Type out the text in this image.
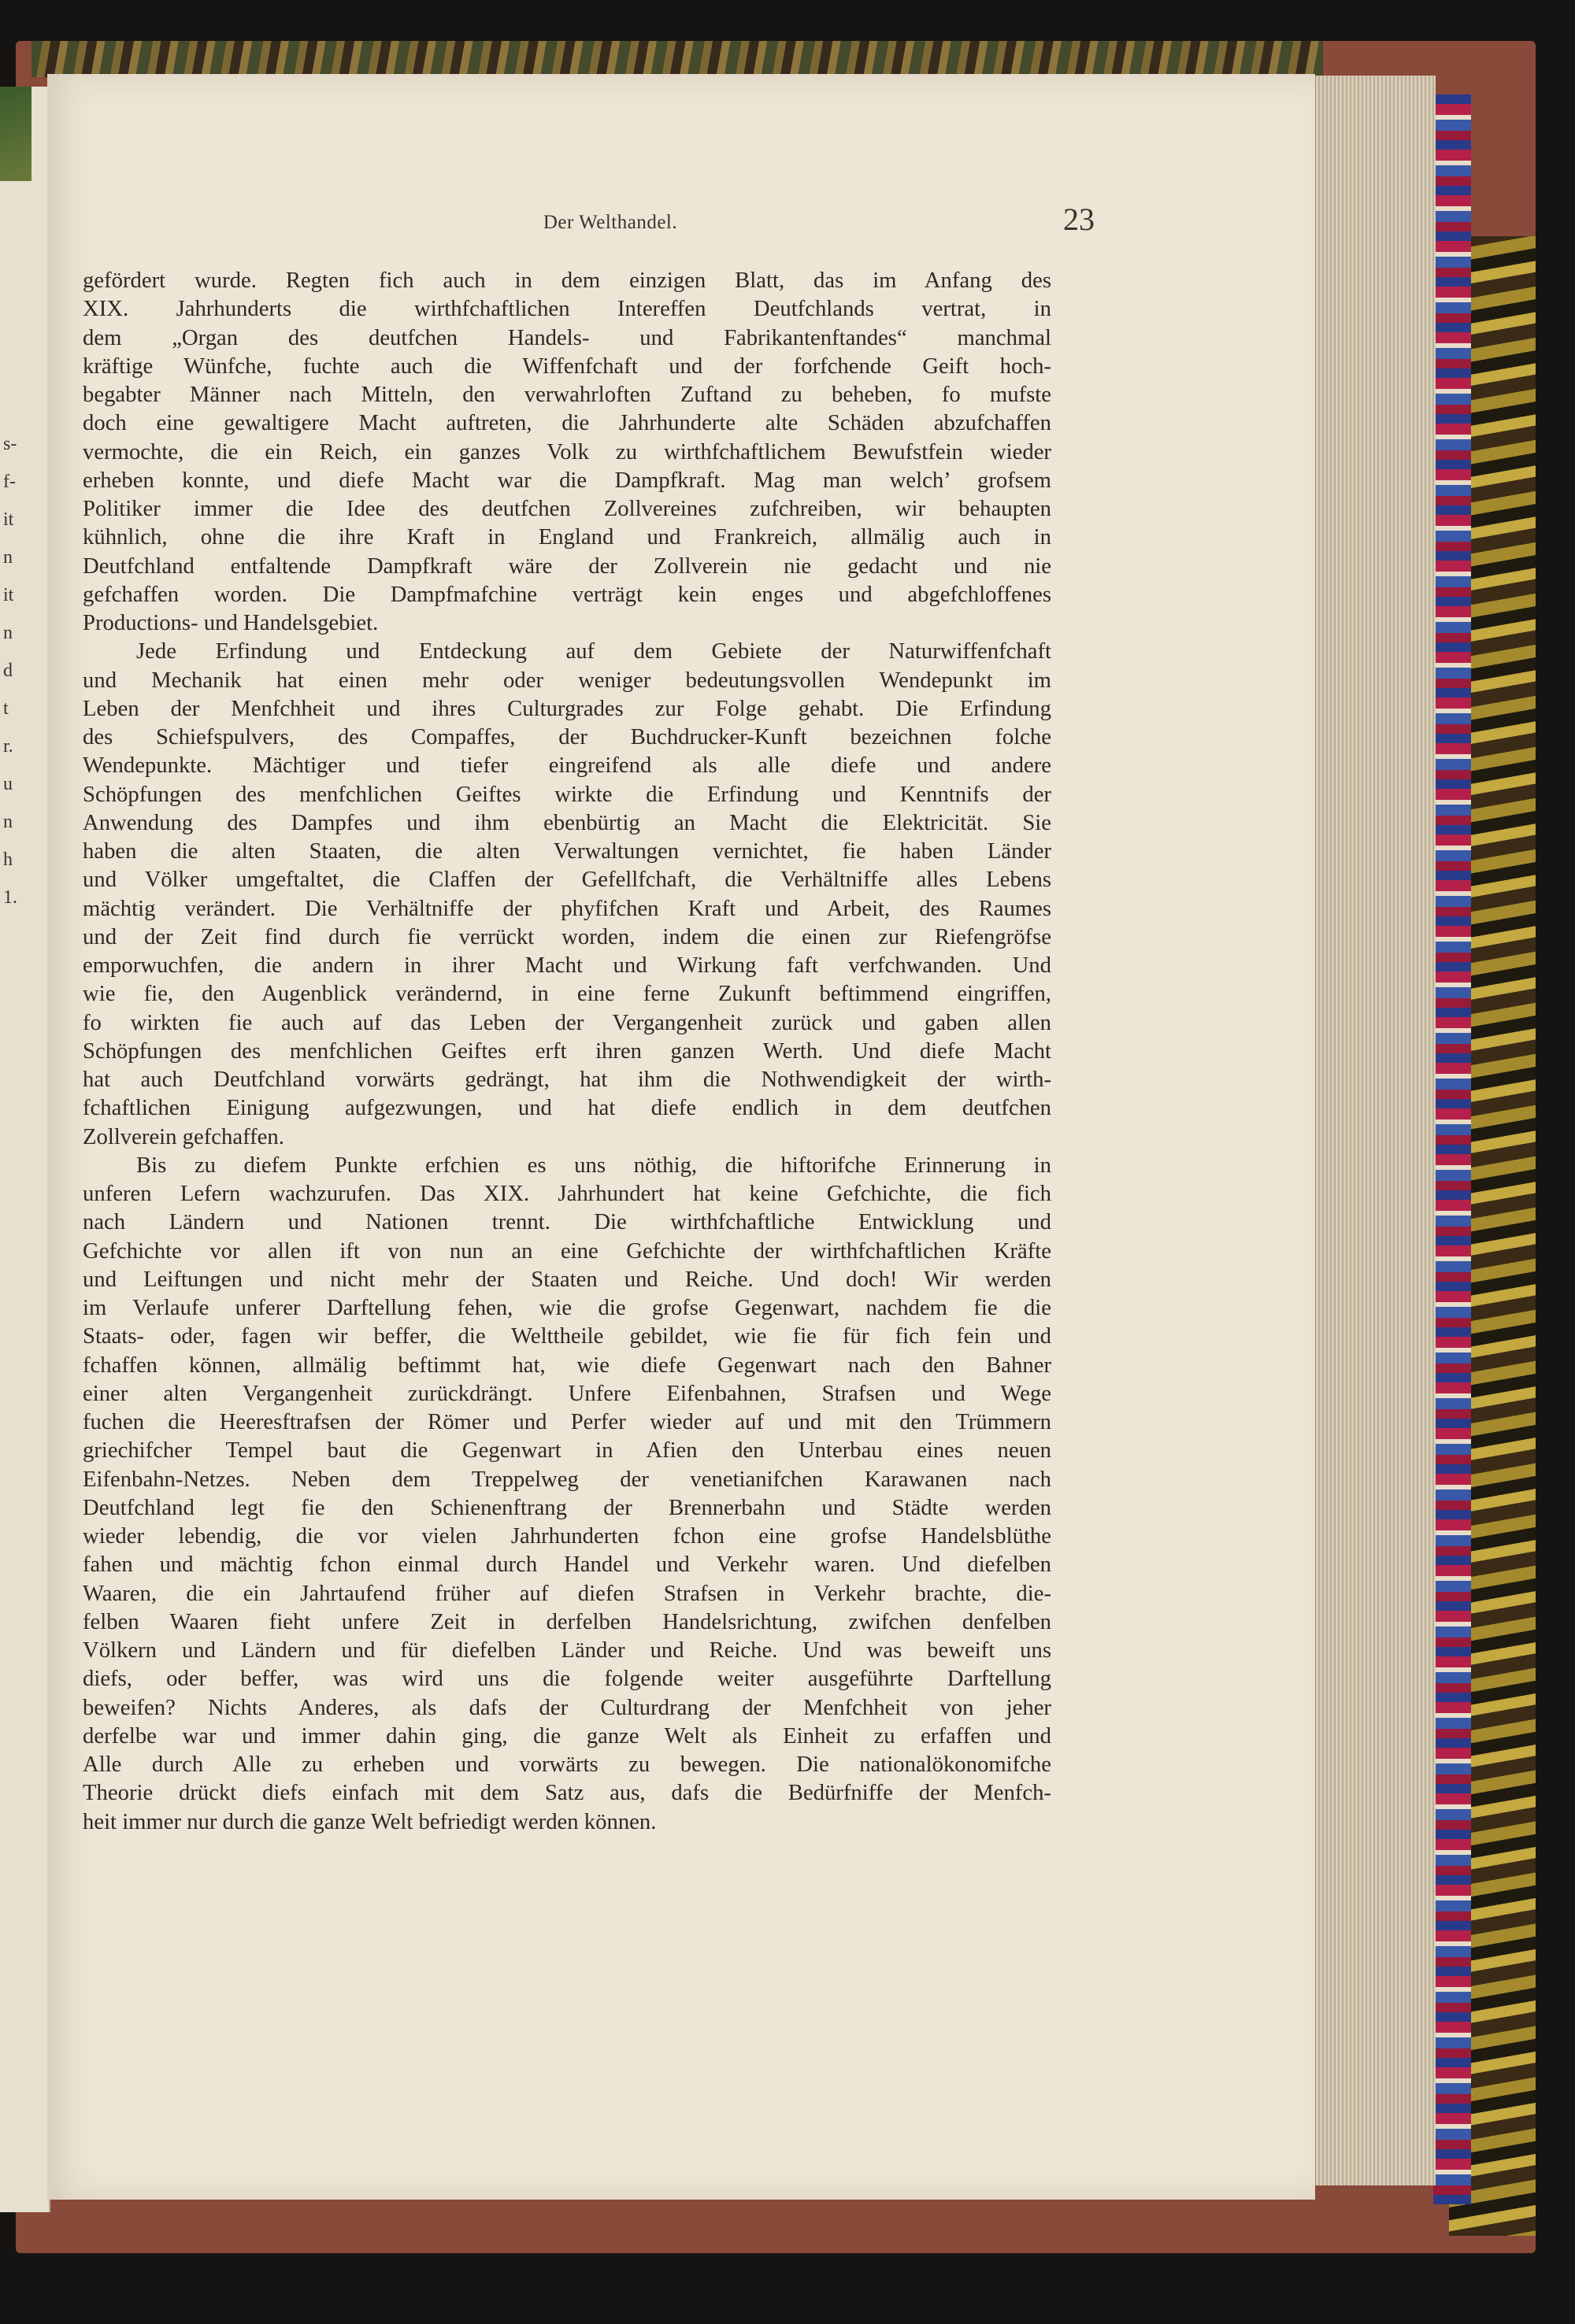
s-
f-
it
n
it
n
d
t
r.
u
n
h
1.

Der Welthandel.	23
gefördert wurde. Regten fich auch in dem einzigen Blatt, das im Anfang des
XIX. Jahrhunderts die wirthfchaftlichen Intereffen Deutfchlands vertrat, in
dem „Organ des deutfchen Handels- und Fabrikantenftandes“ manchmal
kräftige Wünfche, fuchte auch die Wiffenfchaft und der forfchende Geift hoch-
begabter Männer nach Mitteln, den verwahrloften Zuftand zu beheben, fo mufste
doch eine gewaltigere Macht auftreten, die Jahrhunderte alte Schäden abzufchaffen
vermochte, die ein Reich, ein ganzes Volk zu wirthfchaftlichem Bewufstfein wieder
erheben konnte, und diefe Macht war die Dampfkraft. Mag man welch’ grofsem
Politiker immer die Idee des deutfchen Zollvereines zufchreiben, wir behaupten
kühnlich, ohne die ihre Kraft in England und Frankreich, allmälig auch in
Deutfchland entfaltende Dampfkraft wäre der Zollverein nie gedacht und nie
gefchaffen worden. Die Dampfmafchine verträgt kein enges und abgefchloffenes
Productions- und Handelsgebiet.
Jede Erfindung und Entdeckung auf dem Gebiete der Naturwiffenfchaft
und Mechanik hat einen mehr oder weniger bedeutungsvollen Wendepunkt im
Leben der Menfchheit und ihres Culturgrades zur Folge gehabt. Die Erfindung
des Schiefspulvers, des Compaffes, der Buchdrucker-Kunft bezeichnen folche
Wendepunkte. Mächtiger und tiefer eingreifend als alle diefe und andere
Schöpfungen des menfchlichen Geiftes wirkte die Erfindung und Kenntnifs der
Anwendung des Dampfes und ihm ebenbürtig an Macht die Elektricität. Sie
haben die alten Staaten, die alten Verwaltungen vernichtet, fie haben Länder
und Völker umgeftaltet, die Claffen der Gefellfchaft, die Verhältniffe alles Lebens
mächtig verändert. Die Verhältniffe der phyfifchen Kraft und Arbeit, des Raumes
und der Zeit find durch fie verrückt worden, indem die einen zur Riefengröfse
emporwuchfen, die andern in ihrer Macht und Wirkung faft verfchwanden. Und
wie fie, den Augenblick verändernd, in eine ferne Zukunft beftimmend eingriffen,
fo wirkten fie auch auf das Leben der Vergangenheit zurück und gaben allen
Schöpfungen des menfchlichen Geiftes erft ihren ganzen Werth. Und diefe Macht
hat auch Deutfchland vorwärts gedrängt, hat ihm die Nothwendigkeit der wirth-
fchaftlichen Einigung aufgezwungen, und hat diefe endlich in dem deutfchen
Zollverein gefchaffen.
Bis zu diefem Punkte erfchien es uns nöthig, die hiftorifche Erinnerung in
unferen Lefern wachzurufen. Das XIX. Jahrhundert hat keine Gefchichte, die fich
nach Ländern und Nationen trennt. Die wirthfchaftliche Entwicklung und
Gefchichte vor allen ift von nun an eine Gefchichte der wirthfchaftlichen Kräfte
und Leiftungen und nicht mehr der Staaten und Reiche. Und doch! Wir werden
im Verlaufe unferer Darftellung fehen, wie die grofse Gegenwart, nachdem fie die
Staats- oder, fagen wir beffer, die Welttheile gebildet, wie fie für fich fein und
fchaffen können, allmälig beftimmt hat, wie diefe Gegenwart nach den Bahner
einer alten Vergangenheit zurückdrängt. Unfere Eifenbahnen, Strafsen und Wege
fuchen die Heeresftrafsen der Römer und Perfer wieder auf und mit den Trümmern
griechifcher Tempel baut die Gegenwart in Afien den Unterbau eines neuen
Eifenbahn-Netzes. Neben dem Treppelweg der venetianifchen Karawanen nach
Deutfchland legt fie den Schienenftrang der Brennerbahn und Städte werden
wieder lebendig, die vor vielen Jahrhunderten fchon eine grofse Handelsblüthe
fahen und mächtig fchon einmal durch Handel und Verkehr waren. Und diefelben
Waaren, die ein Jahrtaufend früher auf diefen Strafsen in Verkehr brachte, die-
felben Waaren fieht unfere Zeit in derfelben Handelsrichtung, zwifchen denfelben
Völkern und Ländern und für diefelben Länder und Reiche. Und was beweift uns
diefs, oder beffer, was wird uns die folgende weiter ausgeführte Darftellung
beweifen? Nichts Anderes, als dafs der Culturdrang der Menfchheit von jeher
derfelbe war und immer dahin ging, die ganze Welt als Einheit zu erfaffen und
Alle durch Alle zu erheben und vorwärts zu bewegen. Die nationalökonomifche
Theorie drückt diefs einfach mit dem Satz aus, dafs die Bedürfniffe der Menfch-
heit immer nur durch die ganze Welt befriedigt werden können.
